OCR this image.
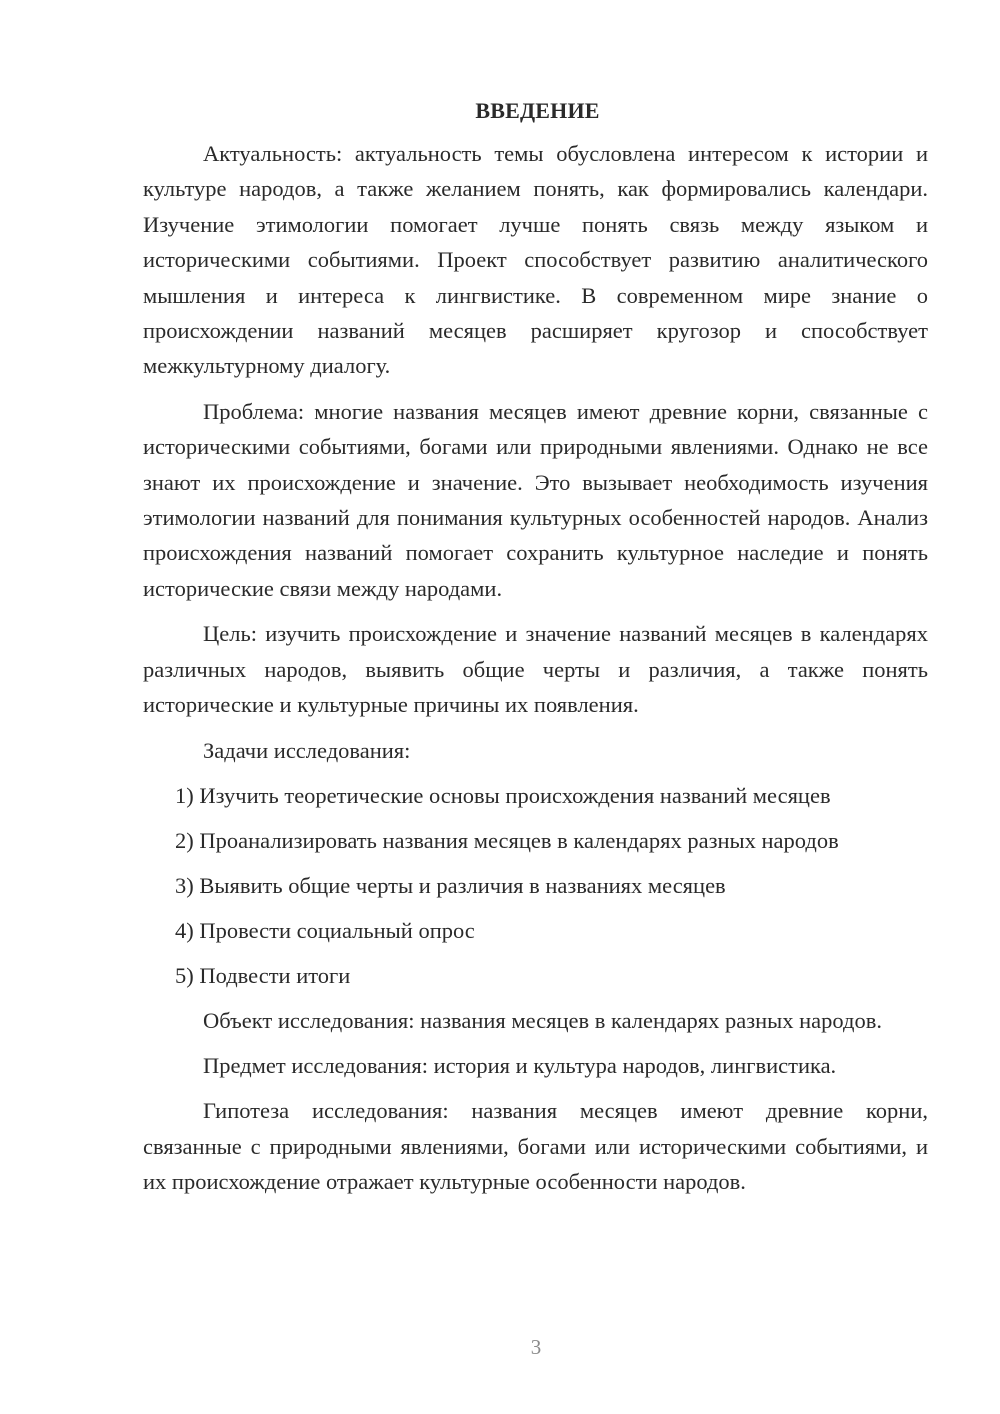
ВВЕДЕНИЕ

Актуальность: актуальность темы обусловлена интересом к истории и культуре народов, а также желанием понять, как формировались календари. Изучение этимологии помогает лучше понять связь между языком и историческими событиями. Проект способствует развитию аналитического мышления и интереса к лингвистике. В современном мире знание о происхождении названий месяцев расширяет кругозор и способствует межкультурному диалогу.

Проблема: многие названия месяцев имеют древние корни, связанные с историческими событиями, богами или природными явлениями. Однако не все знают их происхождение и значение. Это вызывает необходимость изучения этимологии названий для понимания культурных особенностей народов. Анализ происхождения названий помогает сохранить культурное наследие и понять исторические связи между народами.

Цель: изучить происхождение и значение названий месяцев в календарях различных народов, выявить общие черты и различия, а также понять исторические и культурные причины их появления.

Задачи исследования:

1) Изучить теоретические основы происхождения названий месяцев
2) Проанализировать названия месяцев в календарях разных народов
3) Выявить общие черты и различия в названиях месяцев
4) Провести социальный опрос
5) Подвести итоги

Объект исследования: названия месяцев в календарях разных народов.

Предмет исследования: история и культура народов, лингвистика.

Гипотеза исследования: названия месяцев имеют древние корни, связанные с природными явлениями, богами или историческими событиями, и их происхождение отражает культурные особенности народов.

3
